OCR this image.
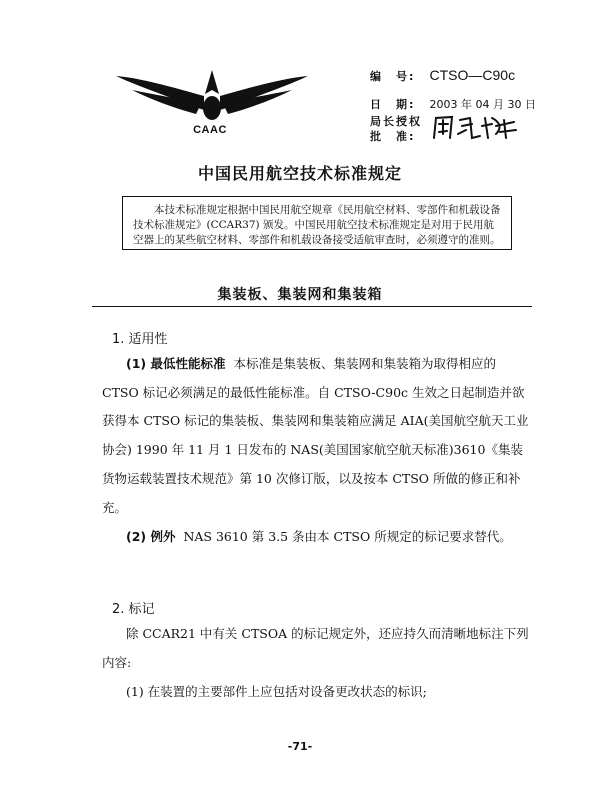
CAAC
编　号: CTSO—C90c
日　期: 2003 年 04 月 30 日
局长授权
批　准:
中国民用航空技术标准规定
本技术标准规定根据中国民用航空规章《民用航空材料、零部件和机载设备技术标准规定》(CCAR37) 颁发。中国民用航空技术标准规定是对用于民用航空器上的某些航空材料、零部件和机载设备接受适航审查时，必须遵守的准则。
集装板、集装网和集装箱
1. 适用性
(1) 最低性能标准 本标准是集装板、集装网和集装箱为取得相应的 CTSO 标记必须满足的最低性能标准。自 CTSO-C90c 生效之日起制造并欲获得本 CTSO 标记的集装板、集装网和集装箱应满足 AIA(美国航空航天工业协会) 1990 年 11 月 1 日发布的 NAS(美国国家航空航天标准)3610《集装货物运载装置技术规范》第 10 次修订版，以及按本 CTSO 所做的修正和补充。
(2) 例外 NAS 3610 第 3.5 条由本 CTSO 所规定的标记要求替代。
2. 标记
除 CCAR21 中有关 CTSOA 的标记规定外，还应持久而清晰地标注下列内容:
(1) 在装置的主要部件上应包括对设备更改状态的标识;
-71-
